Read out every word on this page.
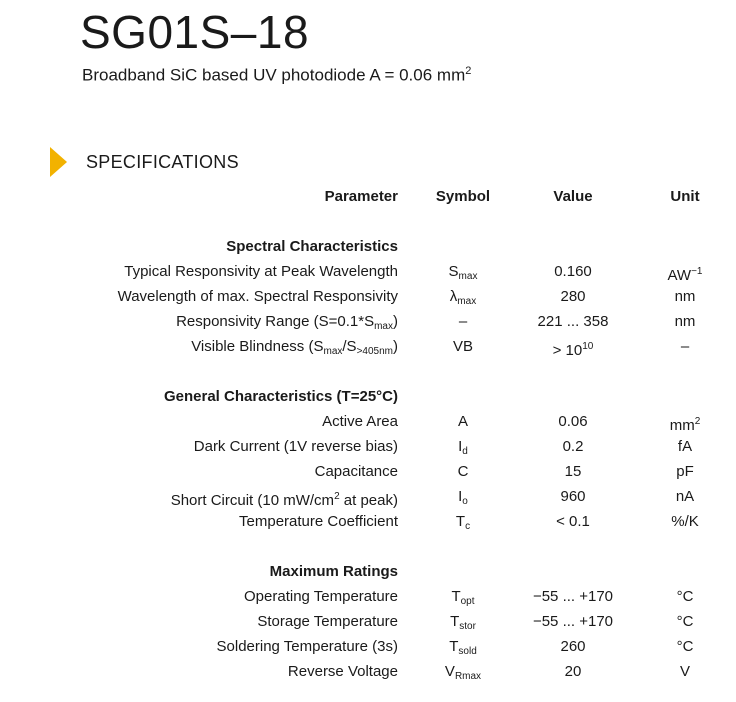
SG01S–18
Broadband SiC based UV photodiode A = 0.06 $mm^2$
SPECIFICATIONS
Parameter	Symbol	Value	Unit
Spectral Characteristics
Typical Responsivity at Peak Wavelength	$S_{max}$	0.160	$AW^{-1}$
Wavelength of max. Spectral Responsivity	$\lambda_{max}$	280	nm
Responsivity Range $(S=0.1*S_{max})$	–	221 ... 358	nm
Visible Blindness $(S_{max}/S_{>405nm})$	VB	> $10^{10}$	–
General Characteristics (T=25°C)
Active Area	A	0.06	$mm^2$
Dark Current (1V reverse bias)	$I_d$	0.2	fA
Capacitance	C	15	pF
Short Circuit (10 $mW/cm^2$ at peak)	$I_o$	960	nA
Temperature Coefficient	$T_c$	< 0.1	%/K
Maximum Ratings
Operating Temperature	$T_{opt}$	−55 ... +170	°C
Storage Temperature	$T_{stor}$	−55 ... +170	°C
Soldering Temperature (3s)	$T_{sold}$	260	°C
Reverse Voltage	$V_{Rmax}$	20	V
